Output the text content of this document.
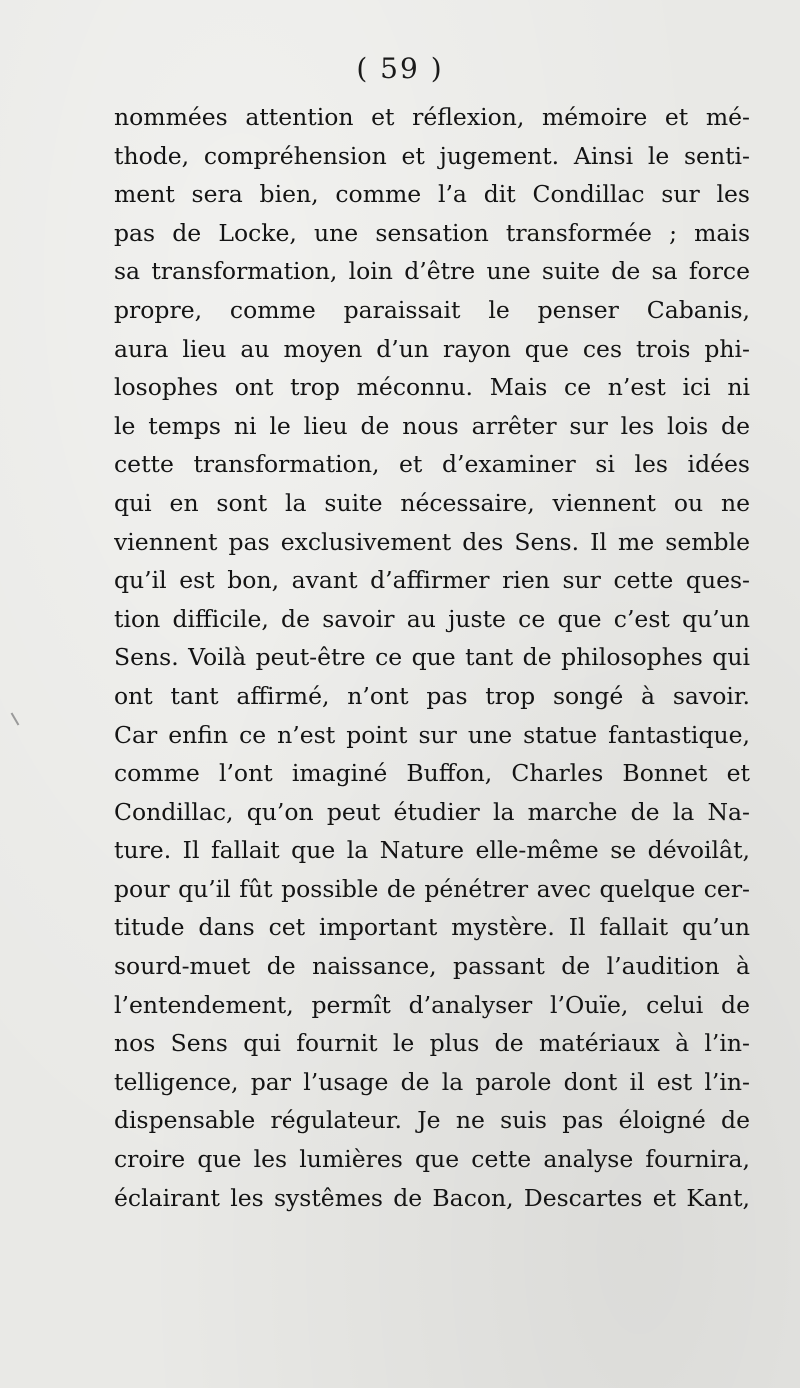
( 59 )
nommées attention et réflexion, mémoire et mé-
thode, compréhension et jugement. Ainsi le senti-
ment sera bien, comme l’a dit Condillac sur les
pas de Locke, une sensation transformée ; mais
sa transformation, loin d’être une suite de sa force
propre, comme paraissait le penser Cabanis,
aura lieu au moyen d’un rayon que ces trois phi-
losophes ont trop méconnu. Mais ce n’est ici ni
le temps ni le lieu de nous arrêter sur les lois de
cette transformation, et d’examiner si les idées
qui en sont la suite nécessaire, viennent ou ne
viennent pas exclusivement des Sens. Il me semble
qu’il est bon, avant d’affirmer rien sur cette ques-
tion difficile, de savoir au juste ce que c’est qu’un
Sens. Voilà peut-être ce que tant de philosophes qui
ont tant affirmé, n’ont pas trop songé à savoir.
Car enfin ce n’est point sur une statue fantastique,
comme l’ont imaginé Buffon, Charles Bonnet et
Condillac, qu’on peut étudier la marche de la Na-
ture. Il fallait que la Nature elle-même se dévoilât,
pour qu’il fût possible de pénétrer avec quelque cer-
titude dans cet important mystère. Il fallait qu’un
sourd-muet de naissance, passant de l’audition à
l’entendement, permît d’analyser l’Ouïe, celui de
nos Sens qui fournit le plus de matériaux à l’in-
telligence, par l’usage de la parole dont il est l’in-
dispensable régulateur. Je ne suis pas éloigné de
croire que les lumières que cette analyse fournira,
éclairant les systêmes de Bacon, Descartes et Kant,
